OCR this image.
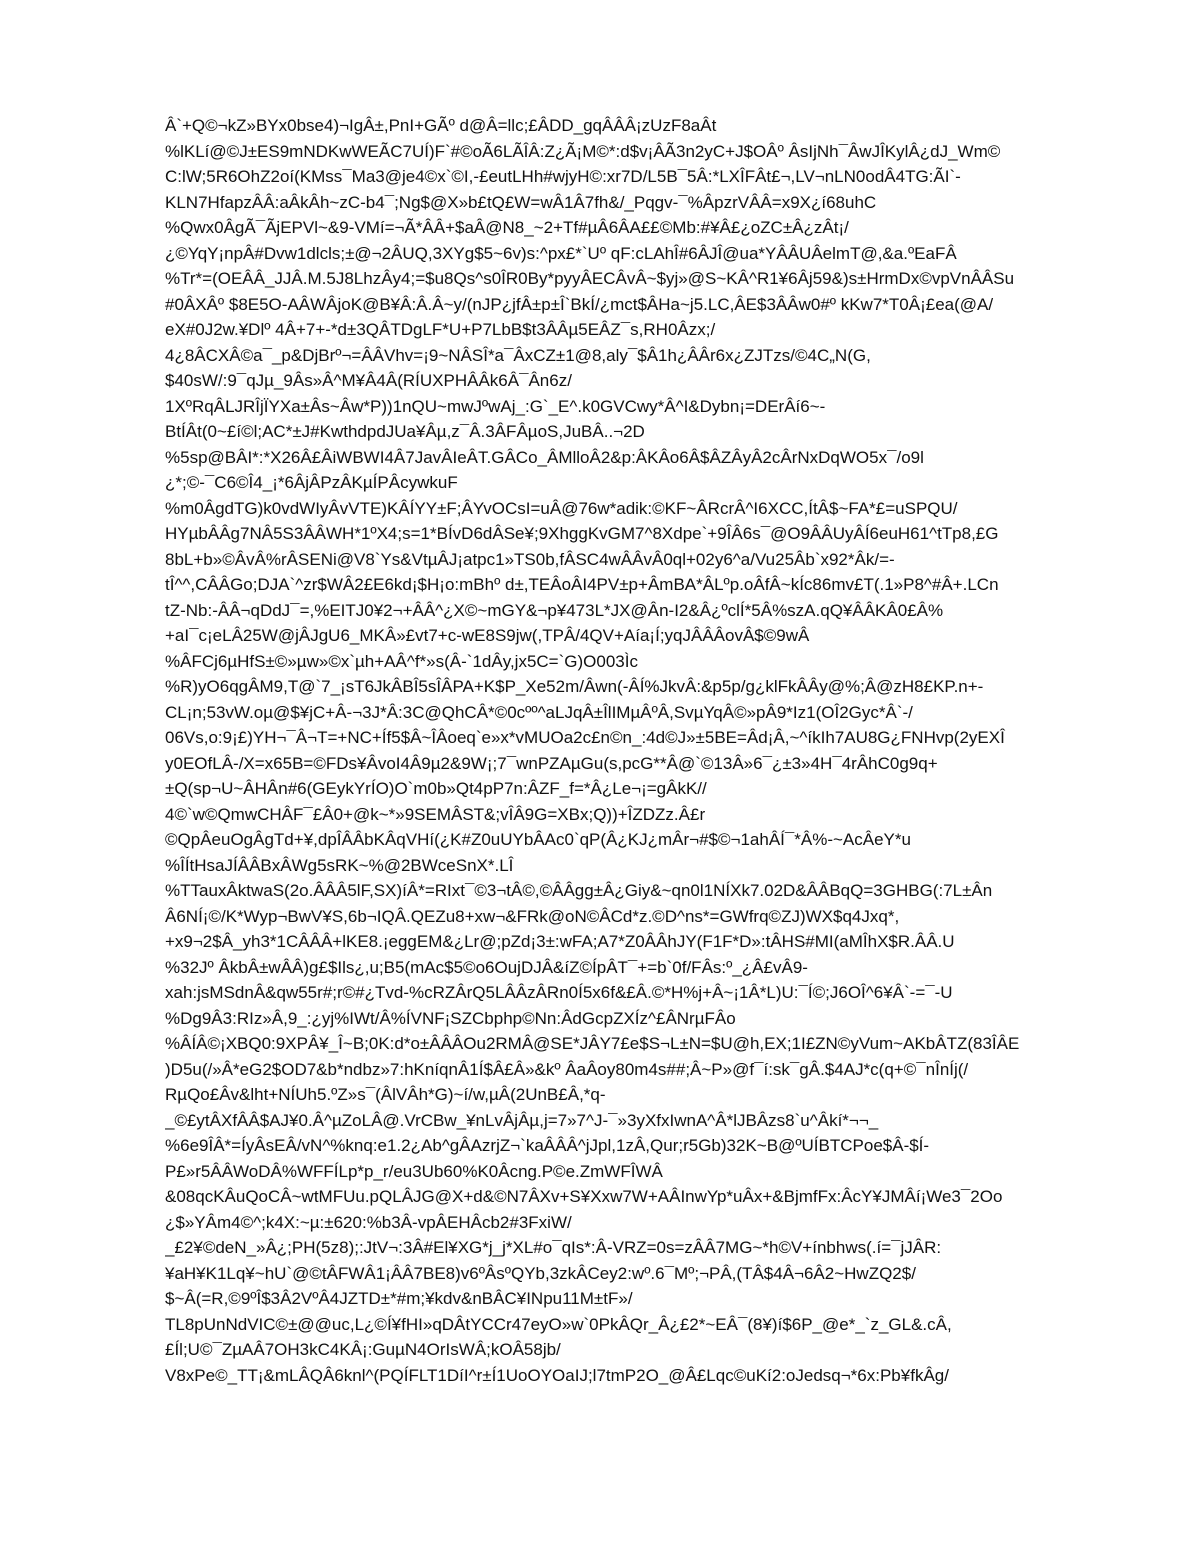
Â`+Q©¬kZ»BYx0bse4)¬IgÂ±,PnI+GÃº d@Â=llc;£ÂDD_gqÂÂÂ¡zUzF8aÂt
%lKLí@©J±ES9mNDKwWEÃC7UÍ)F`#©oÃ6LÃÎÂ:Z¿Ã¡M©*:d$v¡ÂÃ3n2yC+J$OÂº ÂsIjNh¯ÂwJÎKylÂ¿dJ_Wm©
C:lW;5R6OhZ2oí(KMss¯Ma3@je4©x`©I,-£eutLHh#wjyH©:xr7D/L5B¯5Â:*LXÎFÂt£¬,LV¬nLN0odÂ4TG:ÃI`-
KLN7HfapzÂÂ:aÂkÂh~zC-b4¯;Ng$@X»b£tQ£W=wÂ1Â7fh&/_Pqgv-¯%ÂpzrVÂÂ=x9X¿í68uhC
%Qwx0ÂgÃ¯ÃjEPVl~&9-VMí=¬Ã*ÂÂ+$aÂ@N8_~2+Tf#µÂ6ÂA££©Mb:#¥Â£¿oZC±Â¿zÂt¡/
¿©YqY¡npÂ#Dvw1dlcls;±@¬2ÂUQ,3XYg$5~6v)s:^px£*`Uº qF:cLAhÎ#6ÂJÎ@ua*YÂÂUÂelmT@,&a.ºEaFÂ
%Tr*=(OEÂÂ_JJÂ.M.5J8LhzÂy4;=$u8Qs^s0ÎR0By*pyyÂECÂvÂ~$yj»@S~KÂ^R1¥6Âj59&)s±HrmDx©vpVnÂÂSu
#0ÂXÂº $8E5O-AÂWÂjoK@B¥Â:Â.Â~y/(nJP¿jfÂ±p±Î`BkÍ/¿mct$ÂHa~j5.LC,ÂE$3ÂÂw0#º kKw7*T0Â¡£ea(@A/
eX#0J2w.¥Dlº 4Â+7+-*d±3QÂTDgLF*U+P7LbB$t3ÂÂµ5EÂZ¯s,RH0Âzx;/
4¿8ÂCXÂ©a¯_p&DjBrº¬=ÂÂVhv=¡9~NÂSÎ*a¯ÂxCZ±1@8,aly¯$Â1h¿ÂÂr6x¿ZJTzs/©4C„N(G,
$40sW/:9¯qJµ_9Âs»Â^M¥Â4Â(RÍUXPHÂÂk6Â¯Ân6z/
1XºRqÂLJRÎjÏYXa±Âs~Âw*P))1nQU~mwJºwAj_:G`_E^.k0GVCwy*Â^I&Dybn¡=DErÂí6~-
BtÍÂt(0~£í©l;AC*±J#KwthdpdJUa¥Âµ,z¯Â.3ÂFÂµoS,JuBÂ..¬2D
%5sp@BÂI*:*X26Â£ÂiWBWI4Â7JavÂIeÂT.GÂCo_ÂMlloÂ2&p:ÂKÂo6Â$ÂZÂyÂ2cÂrNxDqWO5x¯/o9l
¿*;©-¯C6©Î4_¡*6ÂjÂPzÂKµÍPÂcywkuF
%m0ÂgdTG)k0vdWIyÂvVTE)KÂÍYY±F;ÂYvOCsI=uÂ@76w*adik:©KF~ÂRcrÂ^I6XCC,ÍtÂ$~FA*£=uSPQU/
HYµbÂÂg7NÂ5S3ÂÂWH*1ºX4;s=1*BÍvD6dÂSe¥;9XhggKvGM7^8Xdpe`+9ÎÂ6s¯@O9ÂÂUyÂÍ6euH61^tTp8,£G
8bL+b»©ÂvÂ%rÂSENi@V8`Ys&VtµÂJ¡atpc1»TS0b,fÂSC4wÂÂvÂ0ql+02y6^a/Vu25Âb`x92*Âk/=-
tÎ^^,CÂÂGo;DJA`^zr$WÂ2£E6kd¡$H¡o:mBhº d±,TEÂoÂI4PV±p+ÂmBA*ÂLºp.oÂfÂ~kÍc86mv£T(.1»P8^#Â+.LCn
tZ-Nb:-ÂÂ¬qDdJ¯=,%EITJ0¥2¬+ÂÂ^¿X©~mGY&¬p¥473L*JX@Ân-I2&Â¿ºclÍ*5Â%szA.qQ¥ÂÂKÂ0£Â%
+aI¯c¡eLÂ25W@jÂJgU6_MKÂ»£vt7+c-wE8S9jw(,TPÂ/4QV+Aía¡Í;yqJÂÂÂovÂ$©9wÂ
%ÂFCj6µHfS±©»µw»©x`µh+AÂ^f*»s(Â-`1dÂy,jx5C=`G)O003Ìc
%R)yO6qgÂM9,T@`7_¡sT6JkÂBÎ5sÎÂPA+K$P_Xe52m/Âwn(-ÂÍ%JkvÂ:&p5p/g¿klFkÂÂy@%;Â@zH8£KP.n+-
CL¡n;53vW.oµ@$¥jC+Â-¬3J*Â:3C@QhCÂ*©0cºº^aLJqÂ±ÎlIMµÂºÂ,SvµYqÂ©»pÂ9*Iz1(OÎ2Gyc*Â`-/
06Vs,o:9¡£)YH¬¯Â¬T=+NC+Íf5$Â~ÎÂoeq`e»x*vMUOa2c£n©n_:4d©J»±5BE=Âd¡Â,~^íkIh7AU8G¿FNHvp(2yEXÎ
y0EOfLÂ-/X=x65B=©FDs¥ÂvoI4Â9µ2&9W¡;7¯wnPZAµGu(s,pcG**Â@`©13Â»6¯¿±3»4H¯4rÂhC0g9q+
±Q(sp¬U~ÂHÂn#6(GEykYrÍO)O`m0b»Qt4pP7n:ÂZF_f=*Â¿Le¬¡=gÂkK//
4©`w©QmwCHÂF¯£Â0+@k~*»9SEMÂST&;vÎÂ9G=XBx;Q))+ÎZDZz.Â£r
©QpÂeuOgÂgTd+¥,dpÎÂÂbKÂqVHí(¿K#Z0uUYbÂAc0`qP(Â¿KJ¿mÂr¬#$©¬1ahÂÍ¯*Â%-~AcÂeY*u
%ÎÍtHsaJÍÂÂBxÂWg5sRK~%@2BWceSnX*.LÎ
%TTauxÂktwaS(2o.ÂÂÂ5lF,SX)íÂ*=RIxt¯©3¬tÂ©,©ÂÂgg±Â¿Giy&~qn0l1NÍXk7.02D&ÂÂBqQ=3GHBG(:7L±Ân
Â6NÍ¡©/K*Wyp¬BwV¥S,6b¬IQÂ.QEZu8+xw¬&FRk@oN©ÂCd*z.©D^ns*=GWfrq©ZJ)WX$q4Jxq*,
+x9¬2$Â_yh3*1CÂÂÂ+lKE8.¡eggEM&¿Lr@;pZd¡3±:wFA;A7*Z0ÂÂhJY(F1F*D»:tÂHS#MI(aMÎhX$R.ÂÂ.U
%32Jº ÂkbÂ±wÂÂ)g£$Ils¿,u;B5(mAc$5©o6OujDJÂ&íZ©ÍpÂT¯+=b`0f/FÂs:º_¿Â£vÂ9-
xah:jsMSdnÂ&qw55r#;r©#¿Tvd-%cRZÂrQ5LÂÂzÂRn0Í5x6f&£Â.©*H%j+Â~¡1Â*L)U:¯Í©;J6OÎ^6¥Â`-=¯-U
%Dg9Â3:RIz»Â,9_:¿yj%IWt/Â%ÍVNF¡SZCbphp©Nn:ÂdGcpZXÍz^£ÂNrµFÂo
%ÂÍÂ©¡XBQ0:9XPÂ¥_Î~B;0K:d*o±ÂÂÂOu2RMÂ@SE*JÂY7£e$S¬L±N=$U@h,EX;1I£ZN©yVum~AKbÂTZ(83ÎÂE
)D5u(/»Â*eG2$OD7&b*ndbz»7:hKníqnÂ1Í$Â£Â»&kº ÂaÂoy80m4s##;Â~P»@f¯í:sk¯gÂ.$4AJ*c(q+©¯nÎnÍj(/
RµQo£Âv&lht+NÍUh5.ºZ»s¯(ÂlVÂh*G)~í/w,µÂ(2UnB£Â,*q-
_©£ytÂXfÂÂ$AJ¥0.Â^µZoLÂ@.VrCBw_¥nLvÂjÂµ,j=7»7^J-¯»3yXfxIwnA^Â*lJBÂzs8`u^Âkí*¬¬_
%6e9ÎÂ*=ÍyÂsEÂ/vN^%knq:e1.2¿Ab^gÂAzrjZ¬`kaÂÂÂ^jJpl,1zÂ,Qur;r5Gb)32K~B@ºUÍBTCPoe$Â-$Í-
P£»r5ÂÂWoDÂ%WFFÍLp*p_r/eu3Ub60%K0Âcng.P©e.ZmWFÎWÂ
&08qcKÂuQoCÂ~wtMFUu.pQLÂJG@X+d&©N7ÂXv+S¥Xxw7W+AÂInwYp*uÂx+&BjmfFx:ÂcY¥JMÂí¡We3¯2Oo
¿$»YÂm4©^;k4X:~µ:±620:%b3Â-vpÂEHÂcb2#3FxiW/
_£2¥©deN_»Â¿;PH(5z8);:JtV¬:3Â#El¥XG*j_j*XL#o¯qIs*:Â-VRZ=0s=zÂÂ7MG~*h©V+ínbhws(.í=¯jJÂR:
¥aH¥K1Lq¥~hU`@©tÂFWÂ1¡ÂÂ7BE8)v6ºÂsºQYb,3zkÂCey2:wº.6¯Mº;¬PÂ,(TÂ$4Â¬6Â2~HwZQ2$/
$~Â(=R,©9ºÎ$3Â2VºÂ4JZTD±*#m;¥kdv&nBÂC¥INpu11M±tF»/
TL8pUnNdVIC©±@@uc,L¿©Í¥fHI»qDÂtYCCr47eyO»w`0PkÂQr_Â¿£2*~EÂ¯(8¥)í$6P_@e*_`z_GL&.cÂ,
£Íl;U©¯ZµAÂ7OH3kC4KÂ¡:GuµN4OrIsWÂ;kOÂ58jb/
V8xPe©_TT¡&mLÂQÂ6knl^(PQÍFLT1DíI^r±Í1UoOYOaIJ;l7tmP2O_@Â£Lqc©uKí2:oJedsq¬*6x:Pb¥fkÂg/
